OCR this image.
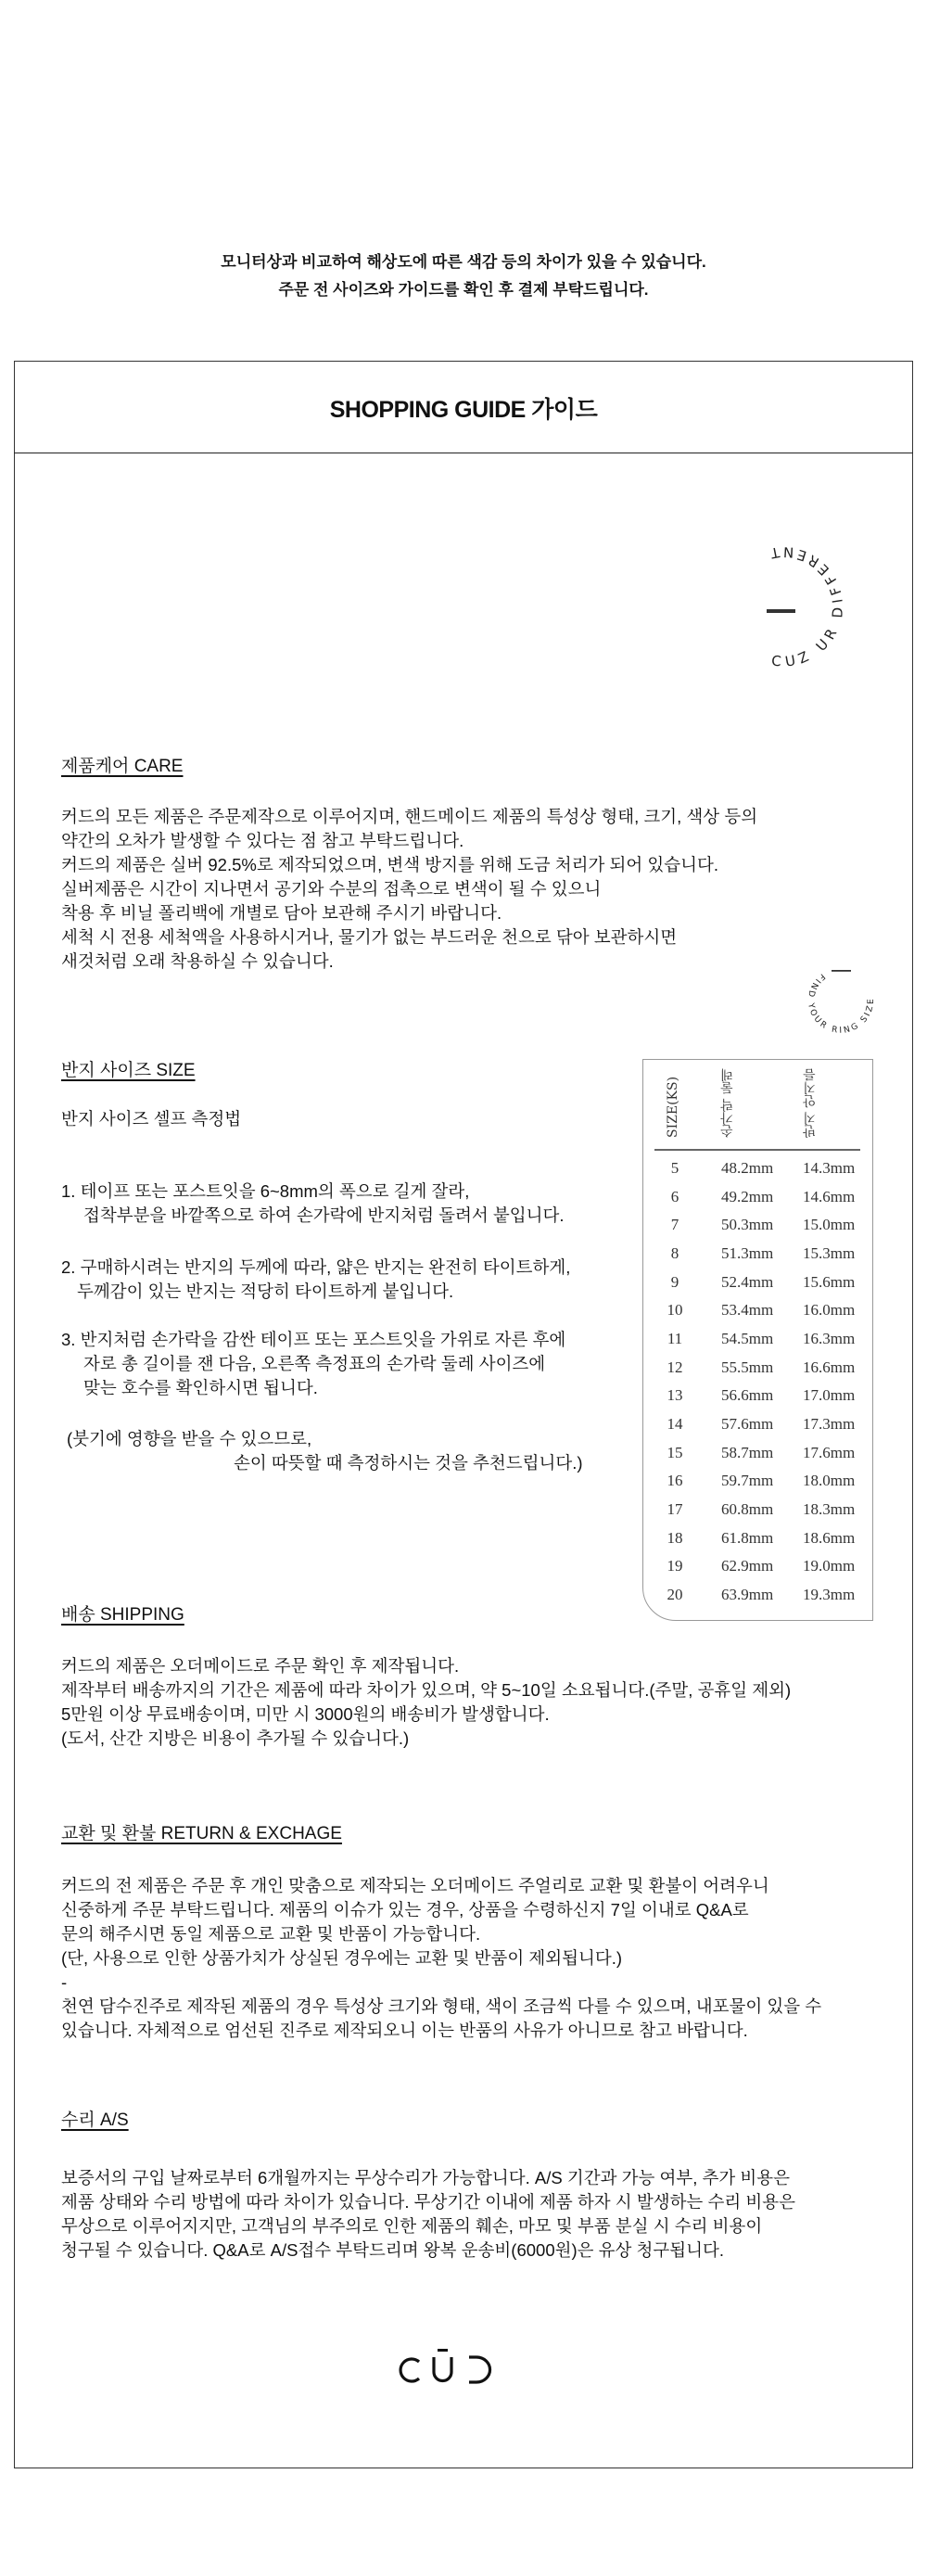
모니터상과 비교하여 해상도에 따른 색감 등의 차이가 있을 수 있습니다.
주문 전 사이즈와 가이드를 확인 후 결제 부탁드립니다.
SHOPPING GUIDE 가이드
CUZ UR DIFFERENT
제품케어 CARE
커드의 모든 제품은 주문제작으로 이루어지며, 핸드메이드 제품의 특성상 형태, 크기, 색상 등의
약간의 오차가 발생할 수 있다는 점 참고 부탁드립니다.
커드의 제품은 실버 92.5%로 제작되었으며, 변색 방지를 위해 도금 처리가 되어 있습니다.
실버제품은 시간이 지나면서 공기와 수분의 접촉으로 변색이 될 수 있으니
착용 후 비닐 폴리백에 개별로 담아 보관해 주시기 바랍니다.
세척 시 전용 세척액을 사용하시거나, 물기가 없는 부드러운 천으로 닦아 보관하시면
새것처럼 오래 착용하실 수 있습니다.
FIND YOUR RING SIZE
반지 사이즈 SIZE
반지 사이즈 셀프 측정법
1. 테이프 또는 포스트잇을 6~8mm의 폭으로 길게 잘라,
접착부분을 바깥쪽으로 하여 손가락에 반지처럼 돌려서 붙입니다.
2. 구매하시려는 반지의 두께에 따라, 얇은 반지는 완전히 타이트하게,
두께감이 있는 반지는 적당히 타이트하게 붙입니다.
3. 반지처럼 손가락을 감싼 테이프 또는 포스트잇을 가위로 자른 후에
자로 총 길이를 잰 다음, 오른쪽 측정표의 손가락 둘레 사이즈에
맞는 호수를 확인하시면 됩니다.
(붓기에 영향을 받을 수 있으므로,
손이 따뜻할 때 측정하시는 것을 추천드립니다.)
SIZE(KS)	손가락 둘레	반지 안지름
5	48.2mm 14.3mm
6	49.2mm 14.6mm
7	50.3mm 15.0mm
8	51.3mm 15.3mm
9	52.4mm 15.6mm
10	53.4mm 16.0mm
11	54.5mm 16.3mm
12	55.5mm 16.6mm
13	56.6mm 17.0mm
14	57.6mm 17.3mm
15	58.7mm 17.6mm
16	59.7mm 18.0mm
17	60.8mm 18.3mm
18	61.8mm 18.6mm
19	62.9mm 19.0mm
20	63.9mm 19.3mm
배송 SHIPPING
커드의 제품은 오더메이드로 주문 확인 후 제작됩니다.
제작부터 배송까지의 기간은 제품에 따라 차이가 있으며, 약 5~10일 소요됩니다.(주말, 공휴일 제외)
5만원 이상 무료배송이며, 미만 시 3000원의 배송비가 발생합니다.
(도서, 산간 지방은 비용이 추가될 수 있습니다.)
교환 및 환불 RETURN & EXCHAGE
커드의 전 제품은 주문 후 개인 맞춤으로 제작되는 오더메이드 주얼리로 교환 및 환불이 어려우니
신중하게 주문 부탁드립니다. 제품의 이슈가 있는 경우, 상품을 수령하신지 7일 이내로 Q&A로
문의 해주시면 동일 제품으로 교환 및 반품이 가능합니다.
(단, 사용으로 인한 상품가치가 상실된 경우에는 교환 및 반품이 제외됩니다.)
-
천연 담수진주로 제작된 제품의 경우 특성상 크기와 형태, 색이 조금씩 다를 수 있으며, 내포물이 있을 수
있습니다. 자체적으로 엄선된 진주로 제작되오니 이는 반품의 사유가 아니므로 참고 바랍니다.
수리 A/S
보증서의 구입 날짜로부터 6개월까지는 무상수리가 가능합니다. A/S 기간과 가능 여부, 추가 비용은
제품 상태와 수리 방법에 따라 차이가 있습니다. 무상기간 이내에 제품 하자 시 발생하는 수리 비용은
무상으로 이루어지지만, 고객님의 부주의로 인한 제품의 훼손, 마모 및 부품 분실 시 수리 비용이
청구될 수 있습니다. Q&A로 A/S접수 부탁드리며 왕복 운송비(6000원)은 유상 청구됩니다.
